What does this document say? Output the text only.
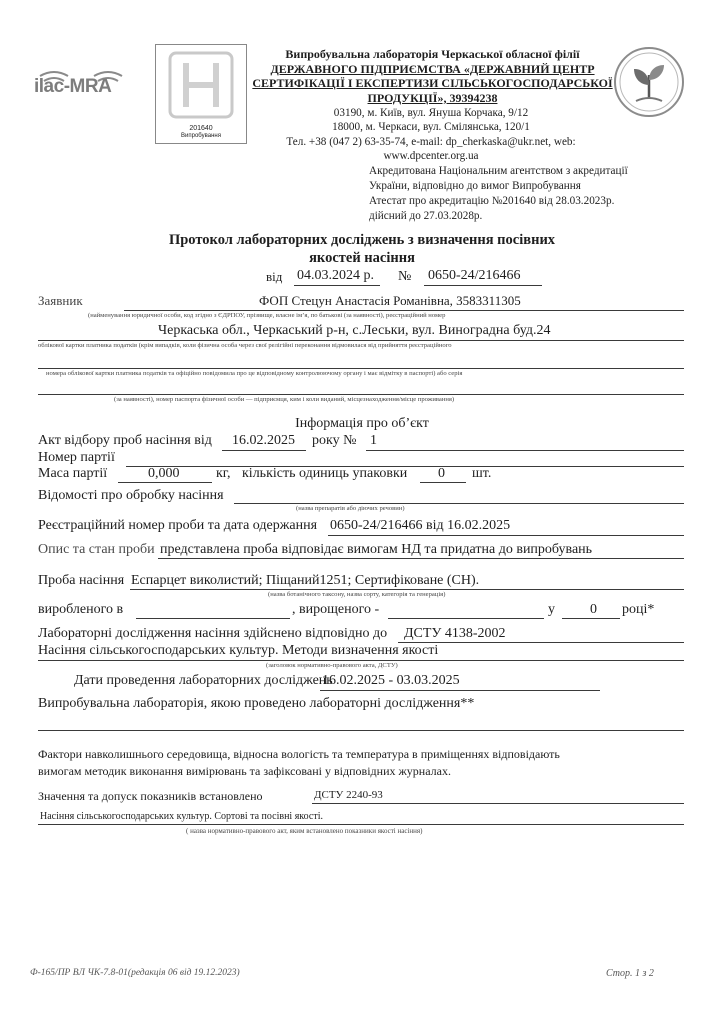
ilac-MRA
201640
Випробування
Випробувальна лабораторія Черкаської обласної філії
ДЕРЖАВНОГО ПІДПРИЄМСТВА «ДЕРЖАВНИЙ ЦЕНТР
СЕРТИФІКАЦІЇ І ЕКСПЕРТИЗИ СІЛЬСЬКОГОСПОДАРСЬКОЇ
ПРОДУКЦІЇ», 39394238
03190, м. Київ, вул. Януша Корчака, 9/12
18000, м. Черкаси, вул. Смілянська, 120/1
Тел. +38 (047 2) 63-35-74, e-mail: dp_cherkaska@ukr.net, web:
www.dpcenter.org.ua
Акредитована Національним агентством з акредитації
України, відповідно до вимог Випробування
Атестат про акредитацію №201640 від 28.03.2023р.
дійсний до 27.03.2028р.
Протокол лабораторних досліджень з визначення посівних
якостей насіння
від 04.03.2024 р. № 0650-24/216466
Заявник	ФОП Стецун Анастасія Романівна, 3583311305
(найменування юридичної особи, код згідно з ЄДРПОУ, прізвище, власне ім’я, по батькові (за наявності), реєстраційний номер
Черкаська обл., Черкаський р-н, с.Леськи, вул. Виноградна буд.24
облікової картки платника податків (крім випадків, коли фізична особа через свої релігійні переконання відмовилася від прийняття реєстраційного
номера облікової картки платника податків та офіційно повідомила про це відповідному контролюючому органу і має відмітку в паспорті) або серія
(за наявності), номер паспорта фізичної особи — підприємця, ким і коли виданий, місцезнаходження/місце проживання)
Інформація про об’єкт
Акт відбору проб насіння від 16.02.2025 року № 1
Номер партії
Маса партії	0,000	кг, кількість одиниць упаковки 0 шт.
Відомості про обробку насіння
(назва препаратів або діючих речовин)
Реєстраційний номер проби та дата одержання 0650-24/216466 від 16.02.2025
Опис та стан проби представлена проба відповідає вимогам НД та придатна до випробувань
Проба насіння Еспарцет виколистий; Піщаний1251; Сертифіковане (СН).
(назва ботанічного таксону, назва сорту, категорія та генерація)
виробленого в	, вирощеного -	у	0 році*
Лабораторні дослідження насіння здійснено відповідно до ДСТУ 4138-2002
Насіння сільськогосподарських культур. Методи визначення якості
(заголовок нормативно-правового акта, ДСТУ)
Дати проведення лабораторних досліджень
16.02.2025 - 03.03.2025
Випробувальна лабораторія, якою проведено лабораторні дослідження**
Фактори навколишнього середовища, відносна вологість та температура в приміщеннях відповідають
вимогам методик виконання вимірювань та зафіксовані у відповідних журналах.
Значення та допуск показників встановлено	ДСТУ 2240-93
Насіння сільськогосподарських культур. Сортові та посівні якості.
( назва нормативно-правового акт, яким встановлено показники якості насіння)
Ф-165/ПР ВЛ ЧК-7.8-01(редакція 06 від 19.12.2023)	Стор. 1 з 2
